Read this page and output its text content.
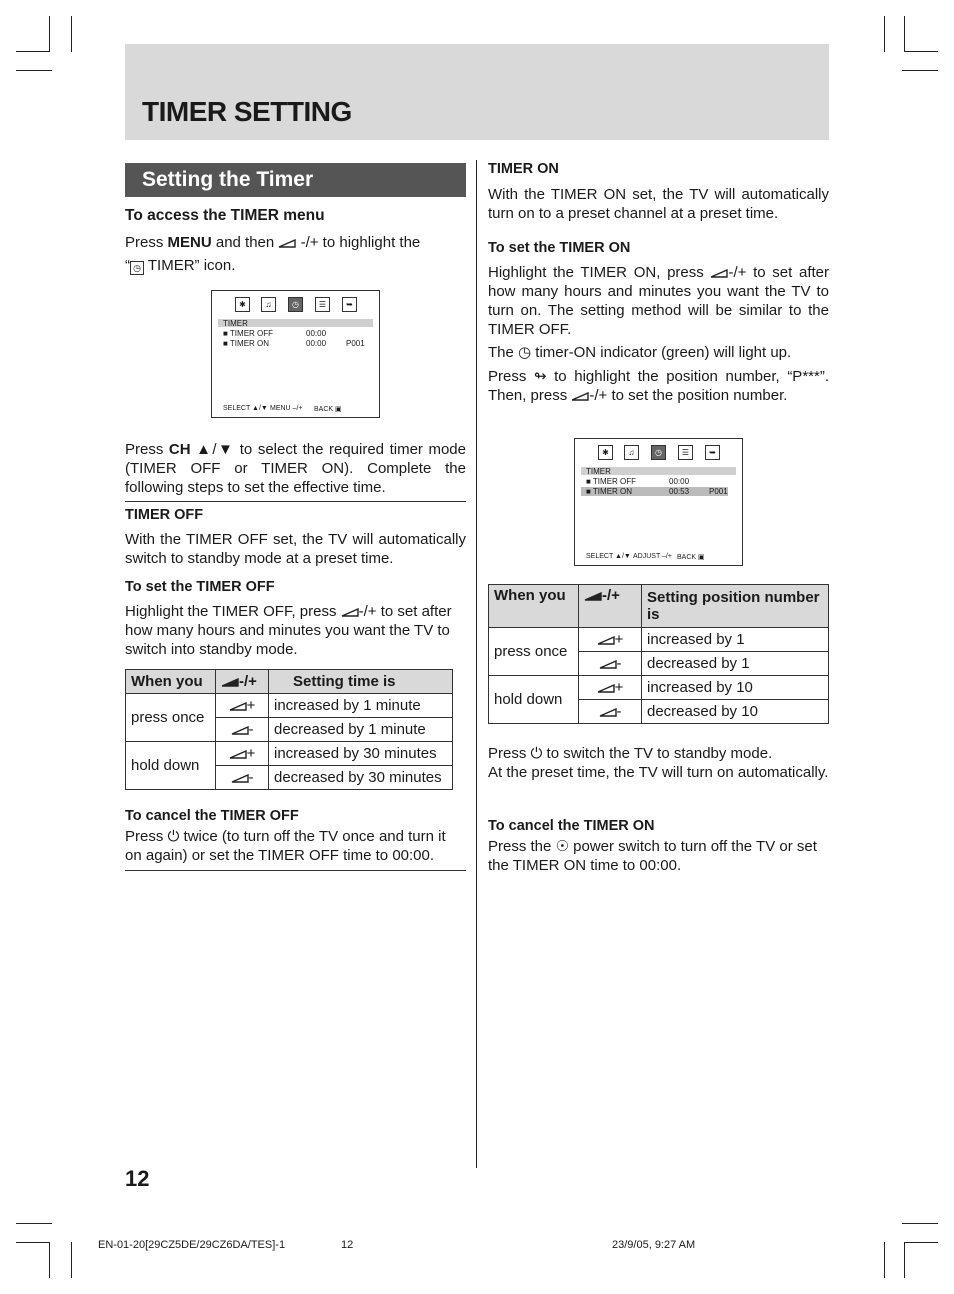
TIMER SETTING
Setting the Timer
To access the TIMER menu
Press MENU and then
-/+ to highlight the
“ ◷ TIMER” icon.
✱	♫	◷	☰	➥
TIMER
■ TIMER OFF	00:00
■ TIMER ON	00:00 P001
SELECT ▲/▼ MENU –/+ BACK ▣
Press CH ▲/▼ to select the required timer mode (TIMER OFF or TIMER ON). Complete the following steps to set the effective time.
TIMER OFF
With the TIMER OFF set, the TV will automatically switch to standby mode at a preset time.
To set the TIMER OFF
Highlight the TIMER OFF, press
-/+ to set after how many hours and minutes you want the TV to switch into standby mode.
When you	-/+	Setting time is
press once	+	increased by 1 minute

-	decreased by 1 minute
hold down	+	increased by 30 minutes

-	decreased by 30 minutes
To cancel the TIMER OFF
Press ⏻ twice (to turn off the TV once and turn it on again) or set the TIMER OFF time to 00:00.
TIMER ON
With the TIMER ON set, the TV will automatically turn on to a preset channel at a preset time.
To set the TIMER ON
Highlight the TIMER ON, press
-/+ to set after how many hours and minutes you want the TV to turn on. The setting method will be similar to the TIMER OFF.
The ◷ timer-ON indicator (green) will light up.
Press ↬ to highlight the position number, “P***”. Then, press
-/+ to set the position number.
✱	♫	◷	☰	➥
TIMER
■ TIMER OFF	00:00
■ TIMER ON	00:53 P001
SELECT ▲/▼ ADJUST –/+ BACK ▣
When you	-/+	Setting position number is
press once	+	increased by 1

-	decreased by 1
hold down	+	increased by 10

-	decreased by 10
Press ⏻ to switch the TV to standby mode.
At the preset time, the TV will turn on automatically.
To cancel the TIMER ON
Press the ☉ power switch to turn off the TV or set the TIMER ON time to 00:00.
12
EN-01-20[29CZ5DE/29CZ6DA/TES]-1	12	23/9/05, 9:27 AM
